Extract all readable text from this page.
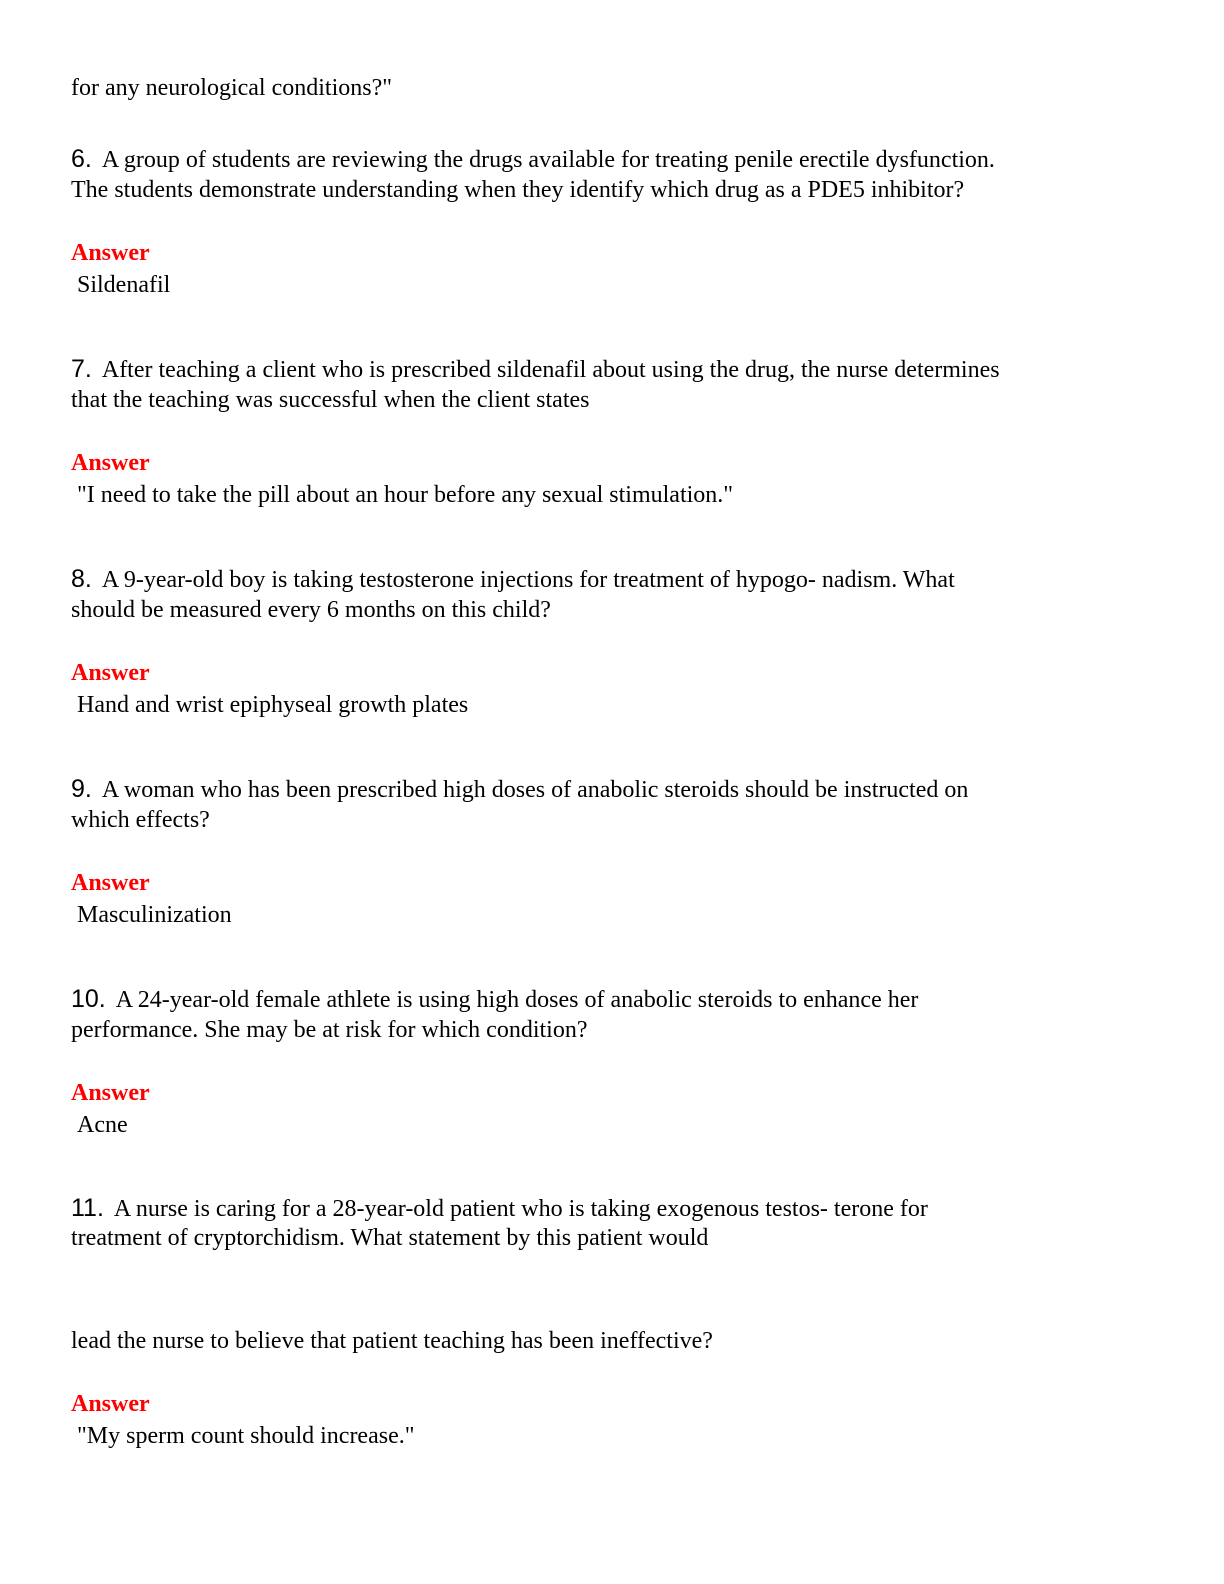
for any neurological conditions?"
6. A group of students are reviewing the drugs available for treating penile erectile dysfunction.
The students demonstrate understanding when they identify which drug as a PDE5 inhibitor?
Answer
Sildenafil
7. After teaching a client who is prescribed sildenafil about using the drug, the nurse determines
that the teaching was successful when the client states
Answer
"I need to take the pill about an hour before any sexual stimulation."
8. A 9-year-old boy is taking testosterone injections for treatment of hypogo- nadism. What
should be measured every 6 months on this child?
Answer
Hand and wrist epiphyseal growth plates
9. A woman who has been prescribed high doses of anabolic steroids should be instructed on
which effects?
Answer
Masculinization
10. A 24-year-old female athlete is using high doses of anabolic steroids to enhance her
performance. She may be at risk for which condition?
Answer
Acne
11. A nurse is caring for a 28-year-old patient who is taking exogenous testos- terone for
treatment of cryptorchidism. What statement by this patient would
lead the nurse to believe that patient teaching has been ineffective?
Answer
"My sperm count should increase."
